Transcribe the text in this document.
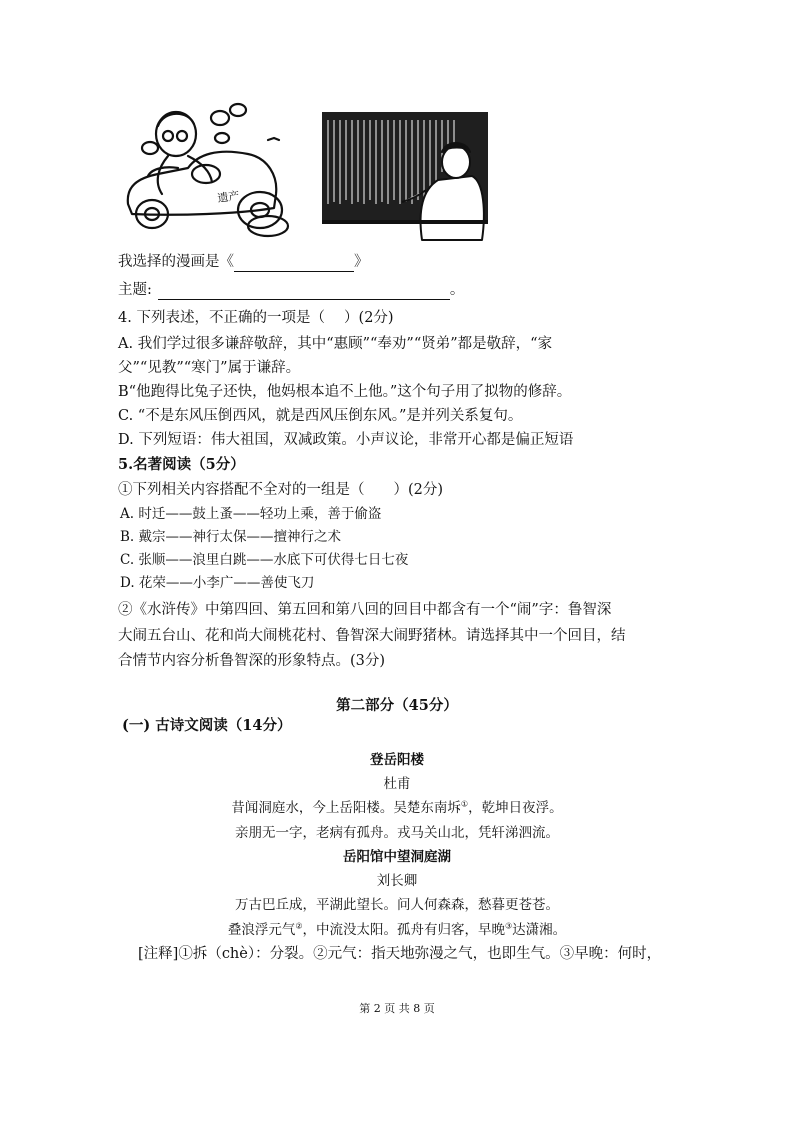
遗产
我选择的漫画是《	》
主题:	。
4. 下列表述，不正确的一项是（　 ）(2分)
A. 我们学过很多谦辞敬辞，其中“惠顾”“奉劝”“贤弟”都是敬辞，“家
父”“见教”“寒门”属于谦辞。
B“他跑得比兔子还快，他妈根本追不上他。”这个句子用了拟物的修辞。
C. “不是东风压倒西风，就是西风压倒东风。”是并列关系复句。
D. 下列短语：伟大祖国，双减政策。小声议论，非常开心都是偏正短语
5.名著阅读（5分）
①下列相关内容搭配不全对的一组是（　　）(2分)
A. 时迁——鼓上蚤——轻功上乘，善于偷盗
B. 戴宗——神行太保——擅神行之术
C. 张顺——浪里白跳——水底下可伏得七日七夜
D. 花荣——小李广——善使飞刀
②《水浒传》中第四回、第五回和第八回的回目中都含有一个“闹”字：鲁智深
大闹五台山、花和尚大闹桃花村、鲁智深大闹野猪林。请选择其中一个回目，结
合情节内容分析鲁智深的形象特点。(3分)
第二部分（45分）
(一) 古诗文阅读（14分）
登岳阳楼
杜甫
昔闻洞庭水，今上岳阳楼。吴楚东南坼①，乾坤日夜浮。
亲朋无一字，老病有孤舟。戎马关山北，凭轩涕泗流。
岳阳馆中望洞庭湖
刘长卿
万古巴丘成，平湖此望长。问人何森森，愁暮更苍苍。
叠浪浮元气②，中流没太阳。孤舟有归客，早晚③达潇湘。
[注释]①拆（chè）：分裂。②元气：指天地弥漫之气，也即生气。③早晚：何时，
第 2 页 共 8 页
